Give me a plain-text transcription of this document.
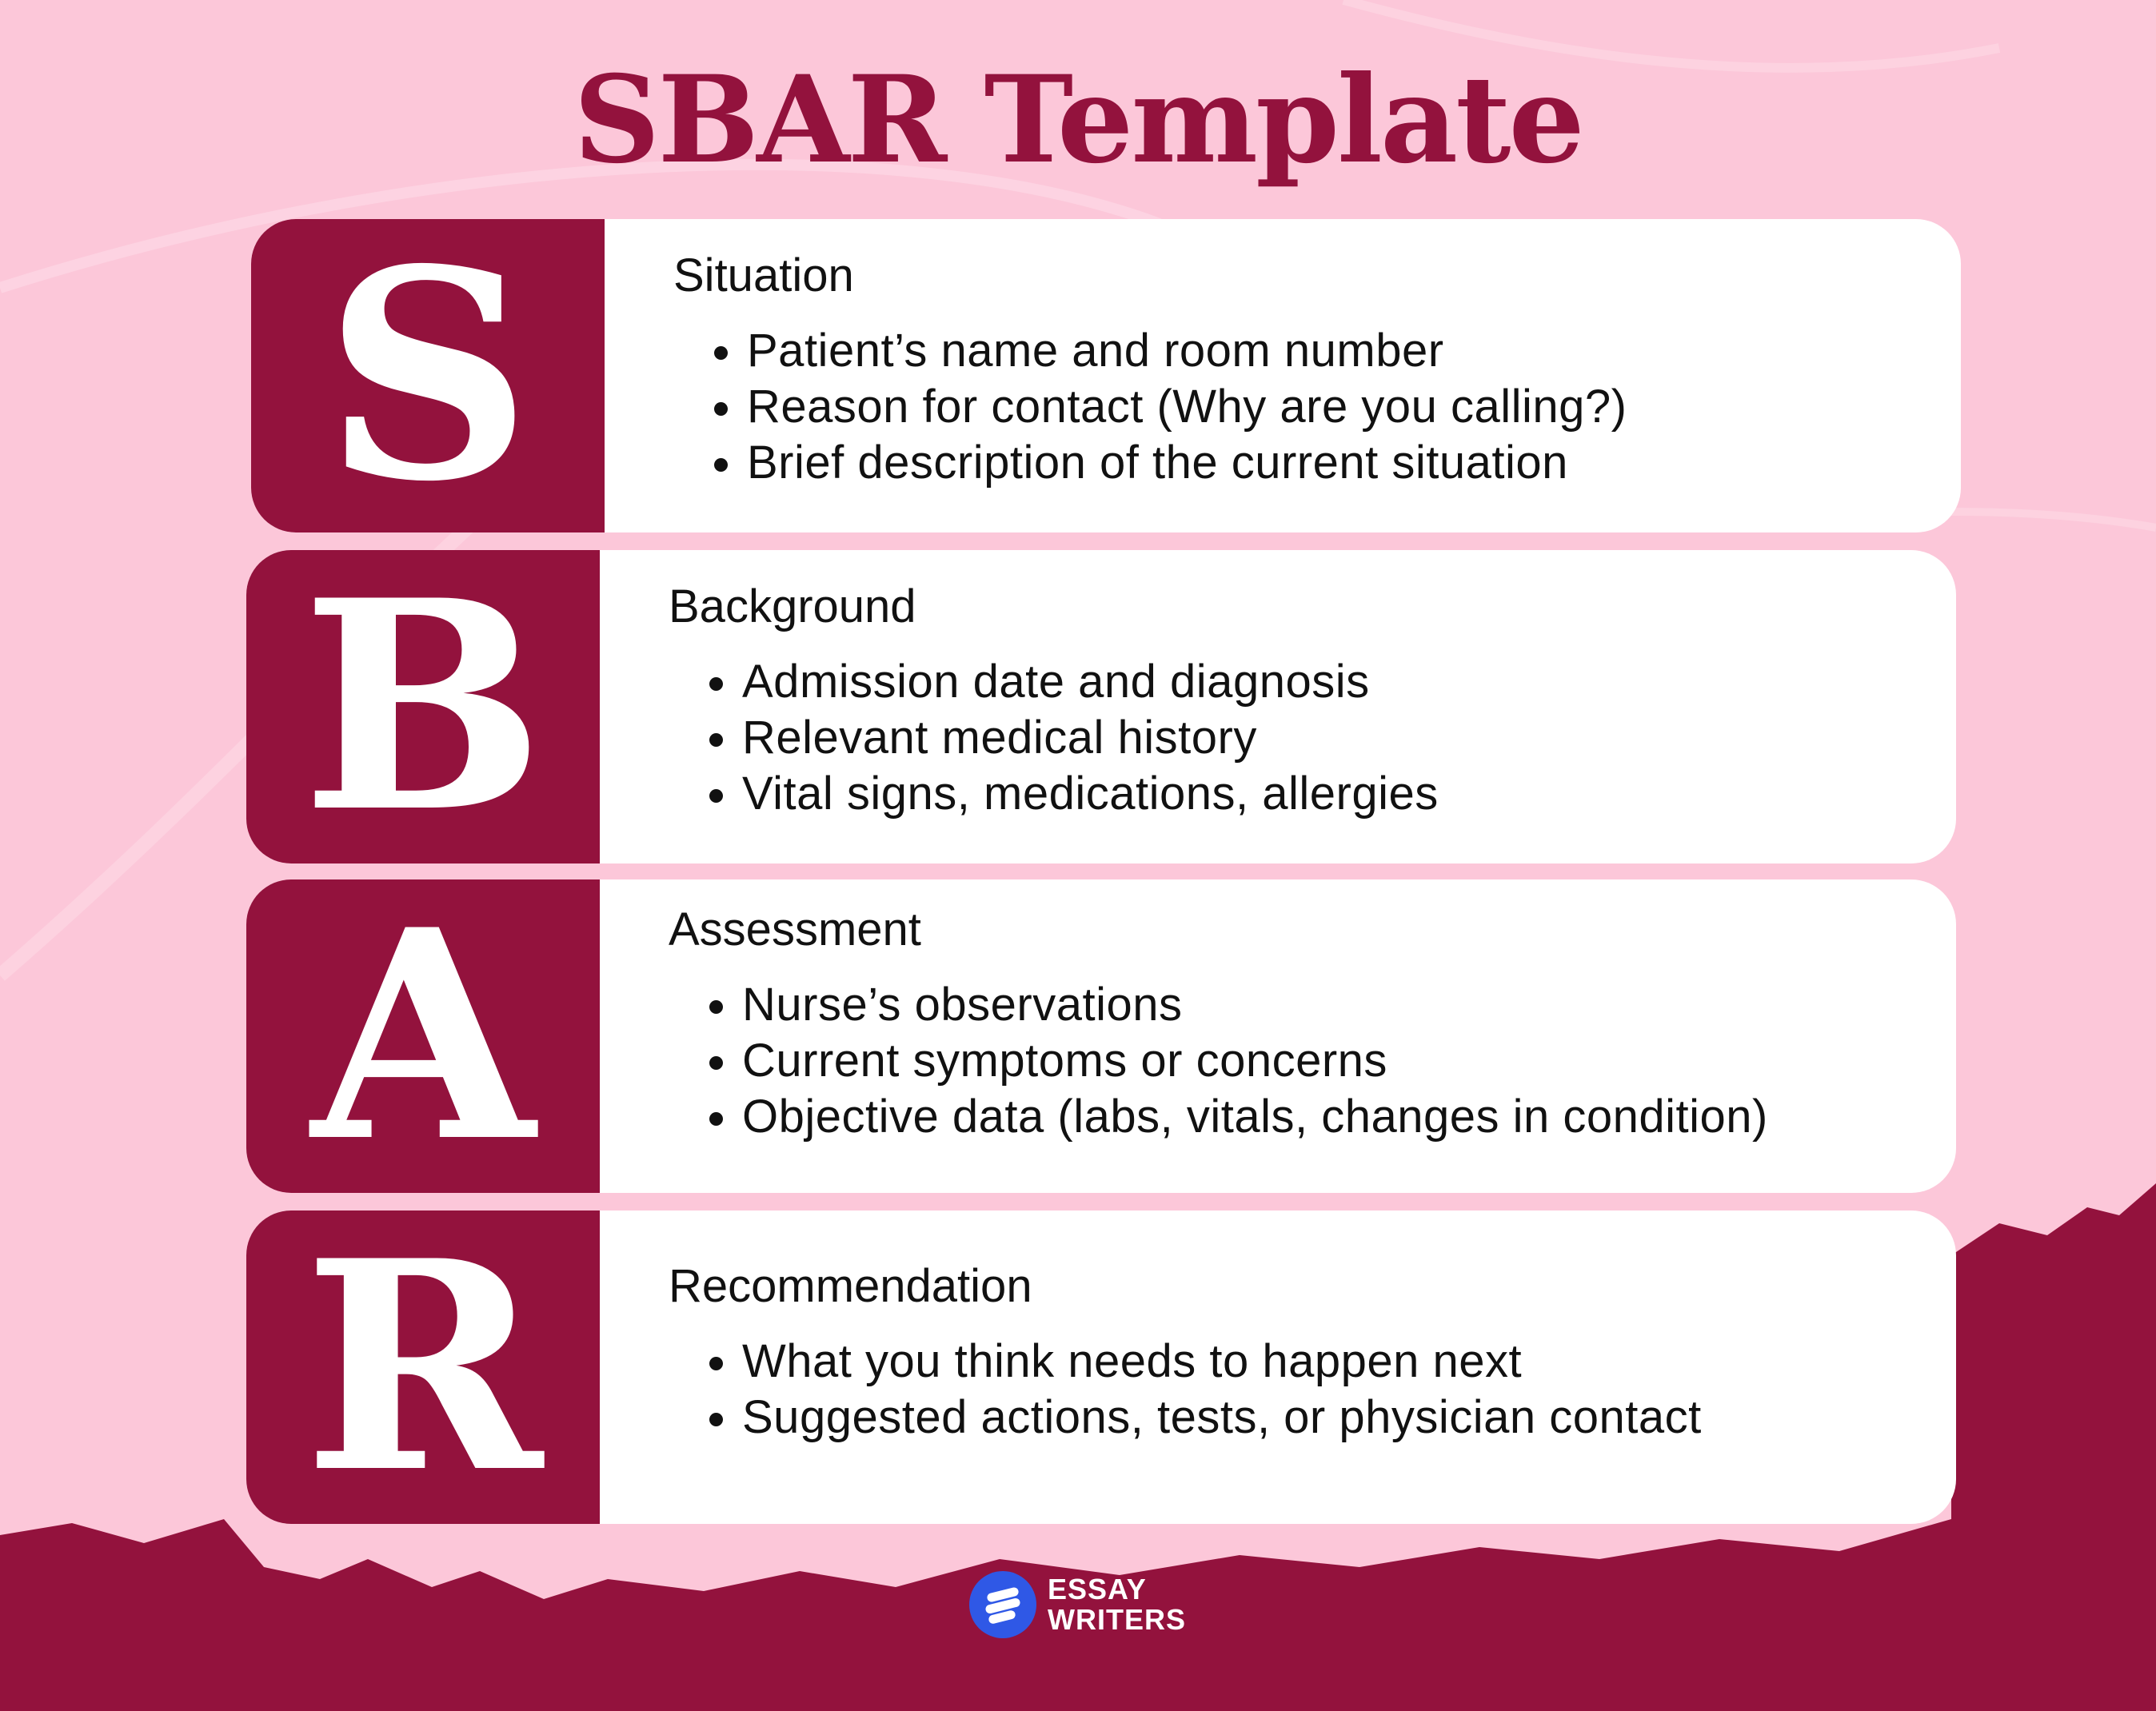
SBAR Template
S	Situation
• Patient’s name and room number
• Reason for contact (Why are you calling?)
• Brief description of the current situation
B	Background
• Admission date and diagnosis
• Relevant medical history
• Vital signs, medications, allergies
A	Assessment
• Nurse’s observations
• Current symptoms or concerns
• Objective data (labs, vitals, changes in condition)
R	Recommendation
• What you think needs to happen next
• Suggested actions, tests, or physician contact
ESSAY
WRITERS
